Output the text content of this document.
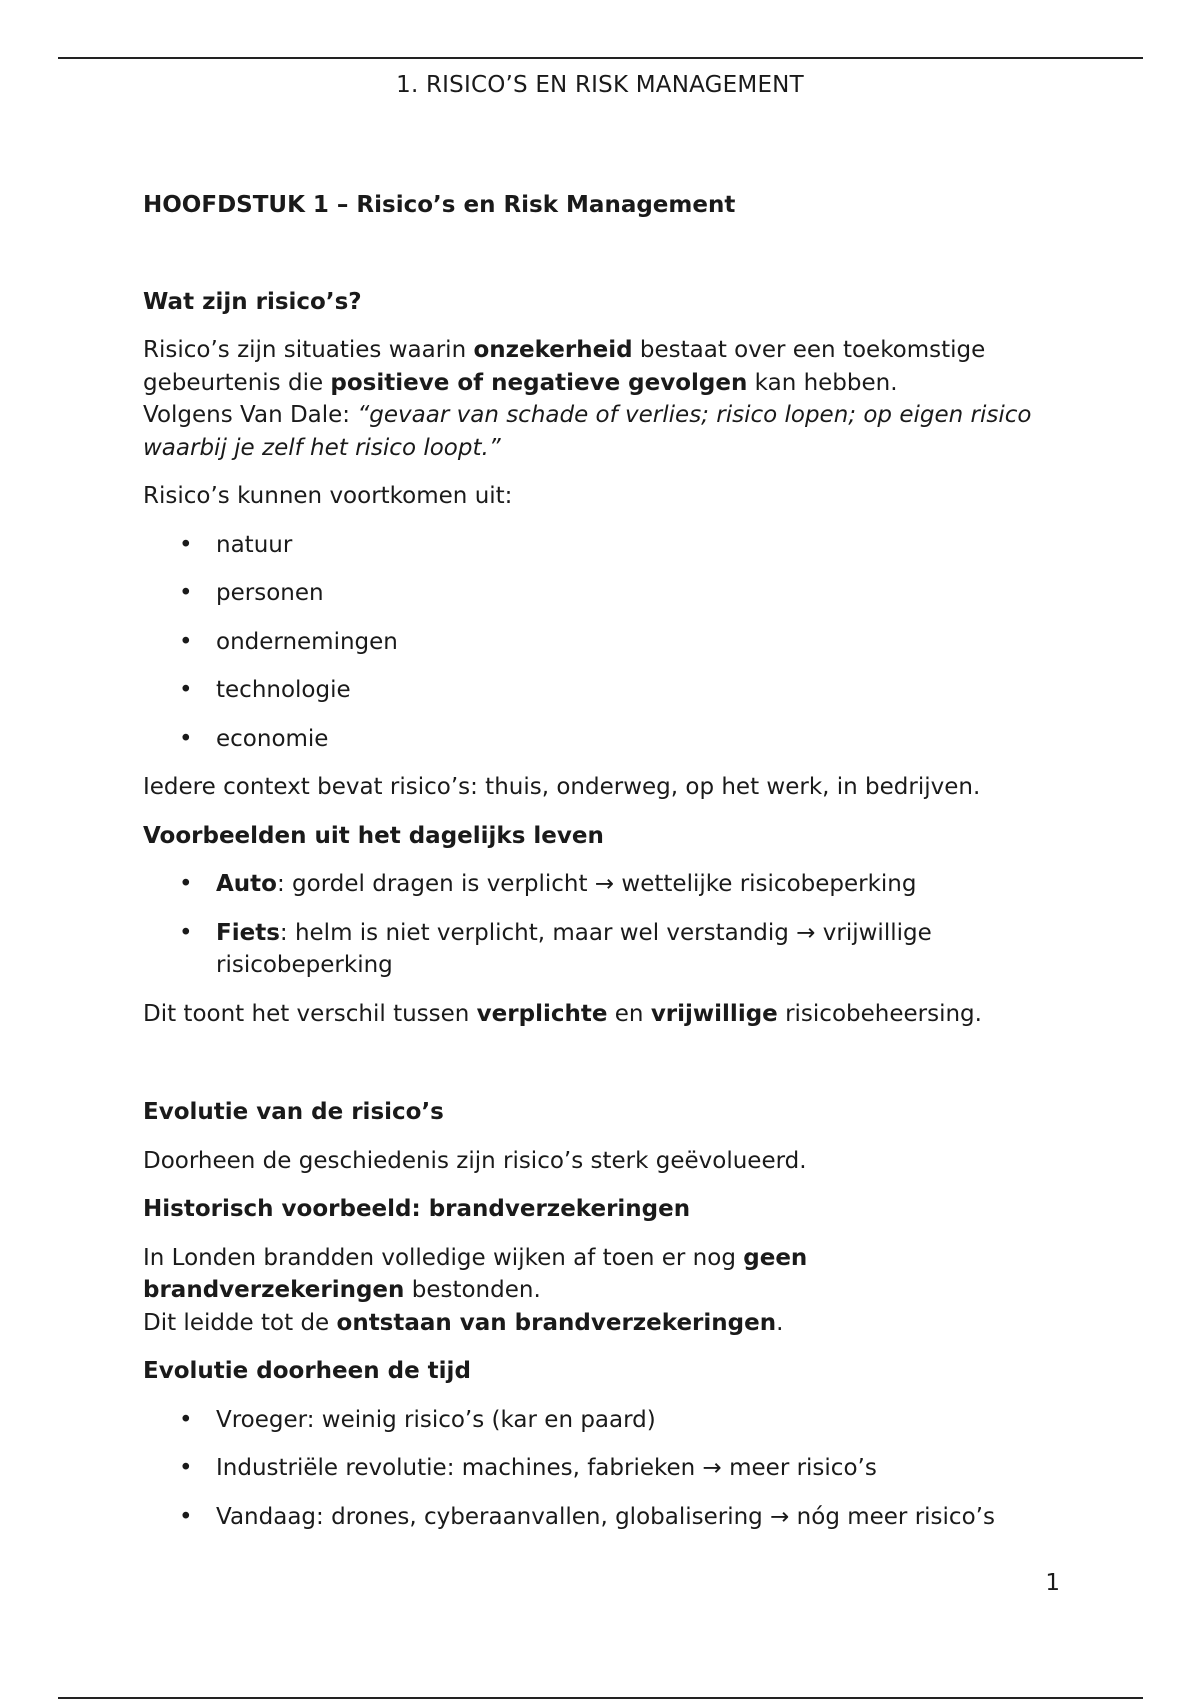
1. RISICO’S EN RISK MANAGEMENT

HOOFDSTUK 1 – Risico’s en Risk Management

Wat zijn risico’s?

Risico’s zijn situaties waarin onzekerheid bestaat over een toekomstige gebeurtenis die positieve of negatieve gevolgen kan hebben.
Volgens Van Dale: “gevaar van schade of verlies; risico lopen; op eigen risico waarbij je zelf het risico loopt.”

Risico’s kunnen voortkomen uit:

• natuur
• personen
• ondernemingen
• technologie
• economie

Iedere context bevat risico’s: thuis, onderweg, op het werk, in bedrijven.

Voorbeelden uit het dagelijks leven

• Auto: gordel dragen is verplicht → wettelijke risicobeperking
• Fiets: helm is niet verplicht, maar wel verstandig → vrijwillige risicobeperking

Dit toont het verschil tussen verplichte en vrijwillige risicobeheersing.

Evolutie van de risico’s

Doorheen de geschiedenis zijn risico’s sterk geëvolueerd.

Historisch voorbeeld: brandverzekeringen

In Londen brandden volledige wijken af toen er nog geen brandverzekeringen bestonden.
Dit leidde tot de ontstaan van brandverzekeringen.

Evolutie doorheen de tijd

• Vroeger: weinig risico’s (kar en paard)
• Industriële revolutie: machines, fabrieken → meer risico’s
• Vandaag: drones, cyberaanvallen, globalisering → nóg meer risico’s
1
